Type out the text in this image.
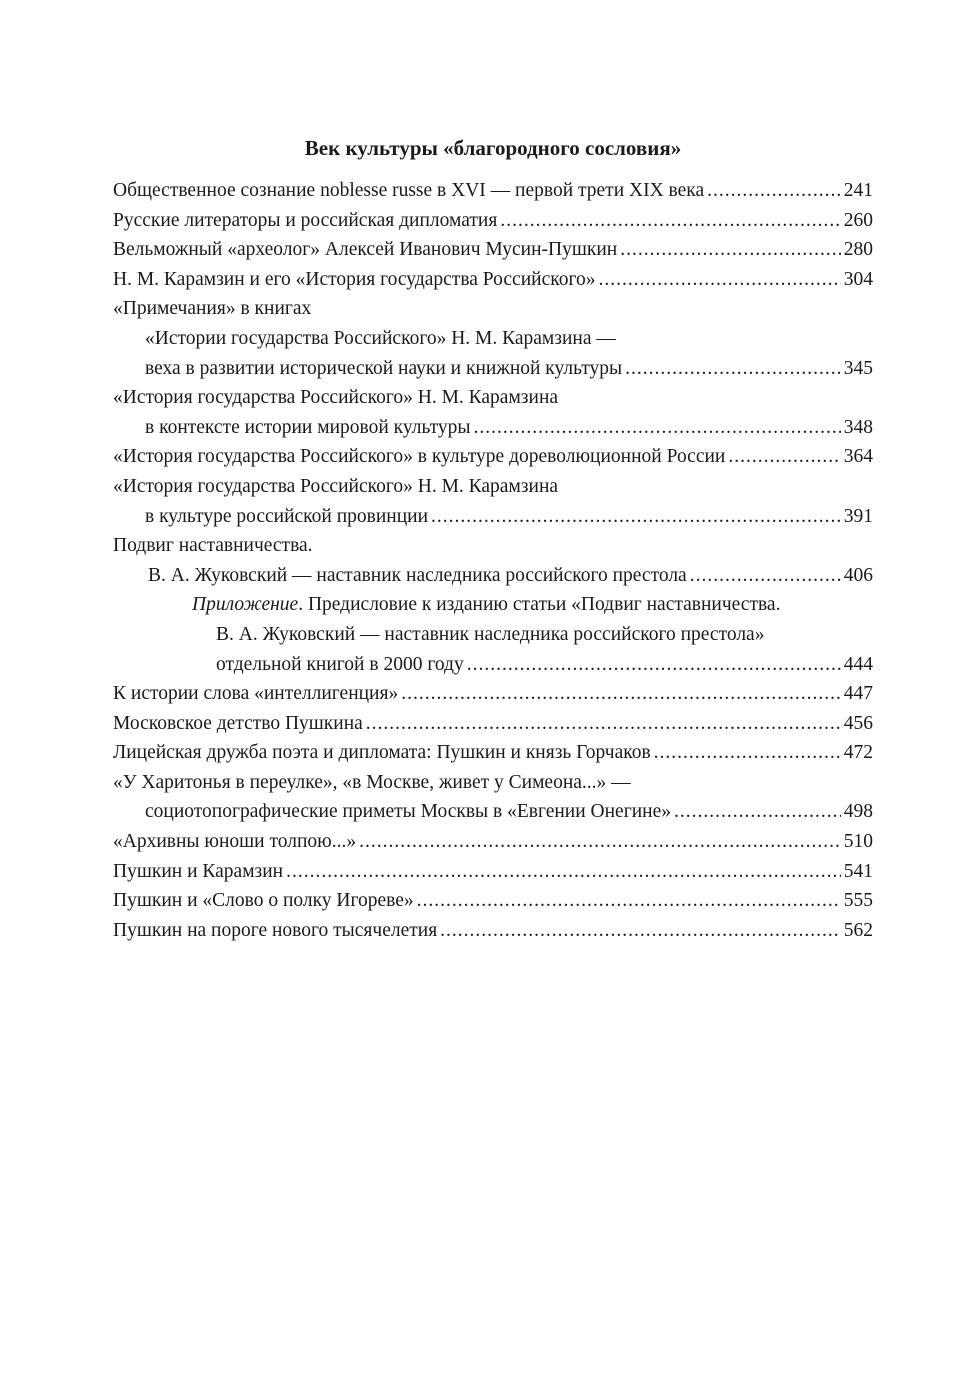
Век культуры «благородного сословия»
Общественное сознание noblesse russe в XVI — первой трети XIX века .....	241
Русские литераторы и российская дипломатия .....	260
Вельможный «археолог» Алексей Иванович Мусин-Пушкин .....	280
Н. М. Карамзин и его «История государства Российского» .....	304
«Примечания» в книгах
«Истории государства Российского» Н. М. Карамзина —
веха в развитии исторической науки и книжной культуры .....	345
«История государства Российского» Н. М. Карамзина
в контексте истории мировой культуры .....	348
«История государства Российского» в культуре дореволюционной России .....	364
«История государства Российского» Н. М. Карамзина
в культуре российской провинции .....	391
Подвиг наставничества.
В. А. Жуковский — наставник наследника российского престола .....	406
Приложение. Предисловие к изданию статьи «Подвиг наставничества.
В. А. Жуковский — наставник наследника российского престола»
отдельной книгой в 2000 году .....	444
К истории слова «интеллигенция» .....	447
Московское детство Пушкина .....	456
Лицейская дружба поэта и дипломата: Пушкин и князь Горчаков .....	472
«У Харитонья в переулке», «в Москве, живет у Симеона...» —
социотопографические приметы Москвы в «Евгении Онегине» .....	498
«Архивны юноши толпою...» .....	510
Пушкин и Карамзин .....	541
Пушкин и «Слово о полку Игореве» .....	555
Пушкин на пороге нового тысячелетия .....	562
